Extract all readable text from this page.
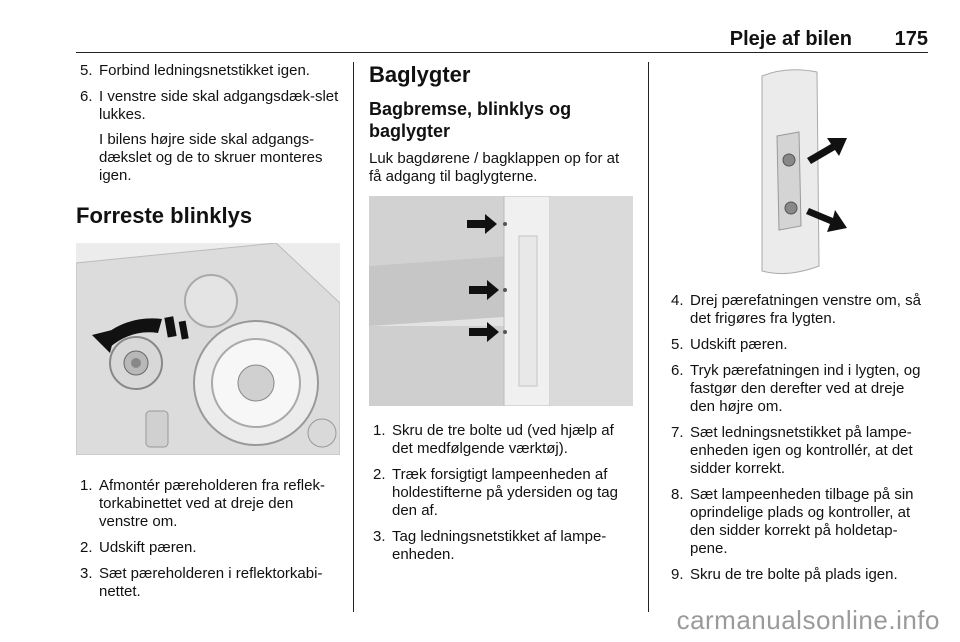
Pleje af bilen 175
5. Forbind ledningsnetstikket igen.
6. I venstre side skal adgangsdæk-slet lukkes.
I bilens højre side skal adgangs-dækslet og de to skruer monteres igen.
Forreste blinklys
1. Afmontér pæreholderen fra reflek-torkabinettet ved at dreje den venstre om.
2. Udskift pæren.
3. Sæt pæreholderen i reflektorkabi-nettet.
Baglygter
Bagbremse, blinklys og baglygter

Luk bagdørene / bagklappen op for at få adgang til baglygterne.

1. Skru de tre bolte ud (ved hjælp af det medfølgende værktøj).
2. Træk forsigtigt lampeenheden af holdestifterne på ydersiden og tag den af.
3. Tag ledningsnetstikket af lampe-enheden.
4. Drej pærefatningen venstre om, så det frigøres fra lygten.
5. Udskift pæren.
6. Tryk pærefatningen ind i lygten, og fastgør den derefter ved at dreje den højre om.
7. Sæt ledningsnetstikket på lampe-enheden igen og kontrollér, at det sidder korrekt.
8. Sæt lampeenheden tilbage på sin oprindelige plads og kontroller, at den sidder korrekt på holdetap-pene.
9. Skru de tre bolte på plads igen.
carmanualsonline.info
